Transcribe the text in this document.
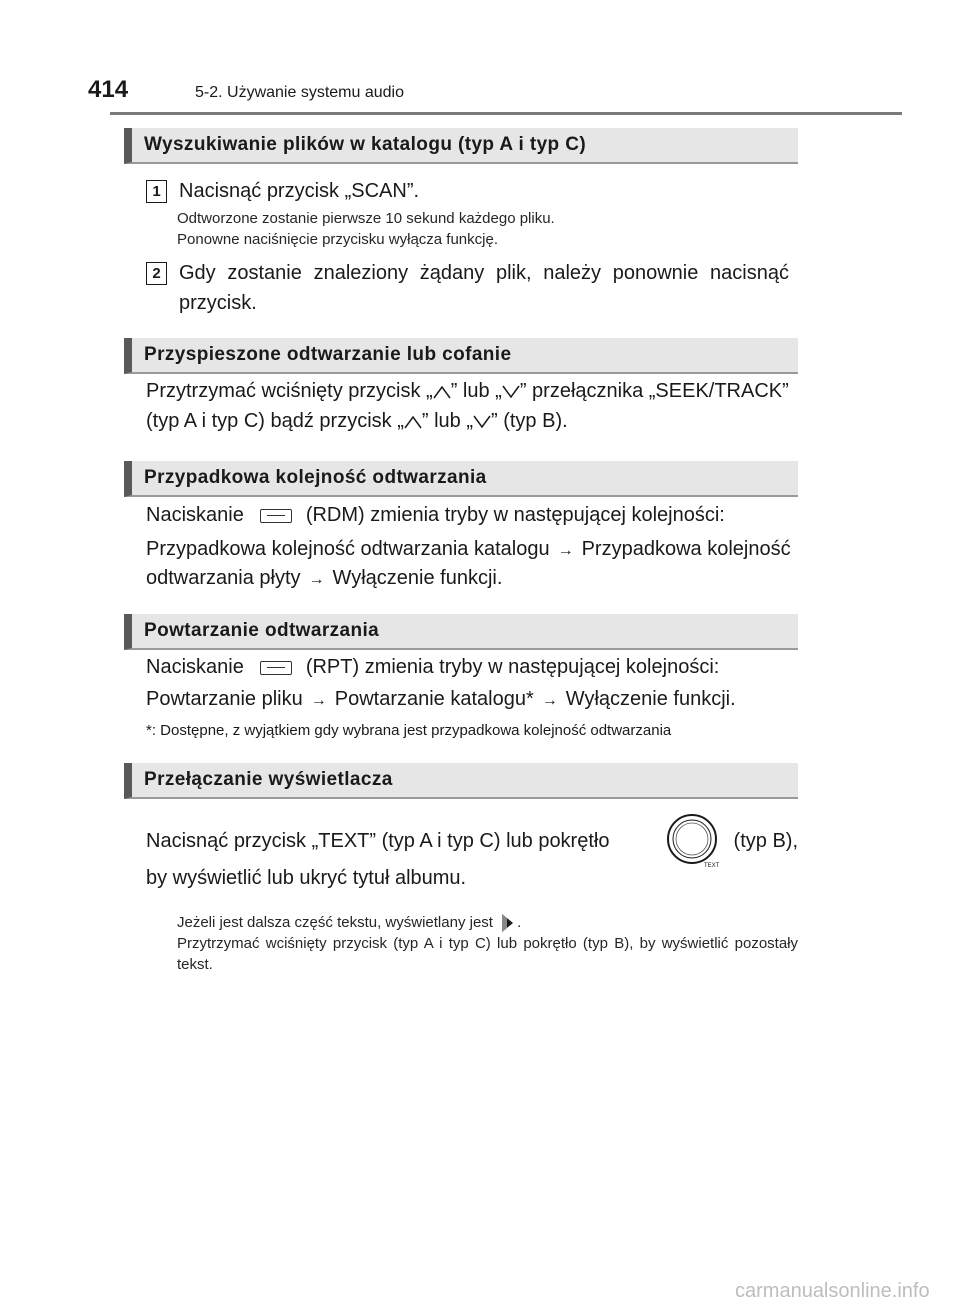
414	5-2. Używanie systemu audio
Wyszukiwanie plików w katalogu (typ A i typ C)
1 Nacisnąć przycisk „SCAN”.
Odtworzone zostanie pierwsze 10 sekund każdego pliku.
Ponowne naciśnięcie przycisku wyłącza funkcję.
2 Gdy zostanie znaleziony żądany plik, należy ponownie nacisnąć przycisk.
Przyspieszone odtwarzanie lub cofanie
Przytrzymać wciśnięty przycisk „ ” lub „ ” przełącznika „SEEK/TRACK”
(typ A i typ C) bądź przycisk „ ” lub „ ” (typ B).
Przypadkowa kolejność odtwarzania
Naciskanie	(RDM) zmienia tryby w następującej kolejności:
Przypadkowa kolejność odtwarzania katalogu → Przypadkowa kolejność
odtwarzania płyty → Wyłączenie funkcji.
Powtarzanie odtwarzania
Naciskanie	(RPT) zmienia tryby w następującej kolejności:
Powtarzanie pliku → Powtarzanie katalogu* → Wyłączenie funkcji.
*: Dostępne, z wyjątkiem gdy wybrana jest przypadkowa kolejność odtwarzania
Przełączanie wyświetlacza
Nacisnąć przycisk „TEXT” (typ A i typ C) lub pokrętło
TEXT
(typ B),
by wyświetlić lub ukryć tytuł albumu.
Jeżeli jest dalsza część tekstu, wyświetlany jest .
Przytrzymać wciśnięty przycisk (typ A i typ C) lub pokrętło (typ B), by wyświetlić pozostały tekst.
carmanualsonline.info
